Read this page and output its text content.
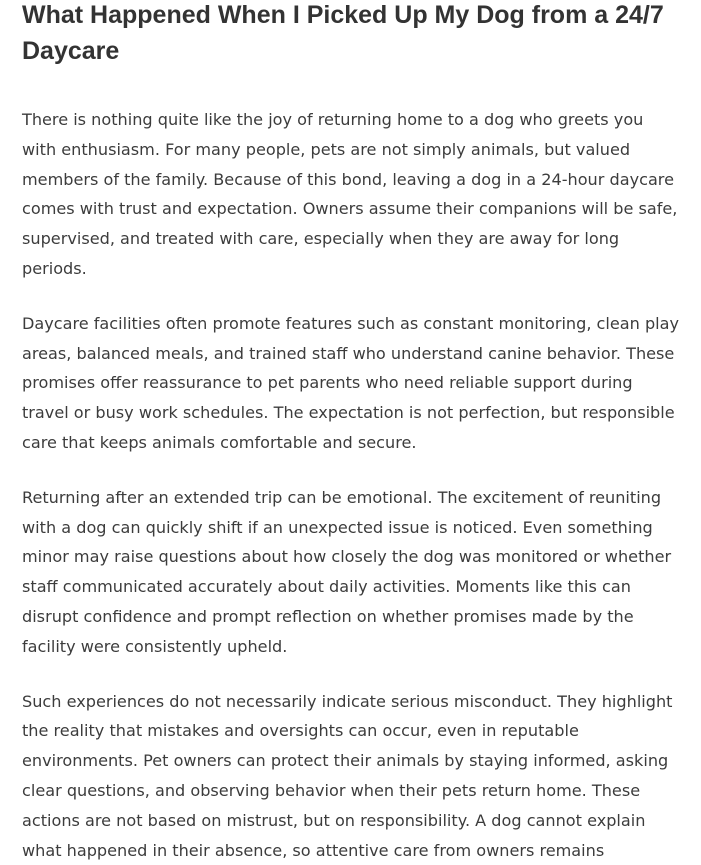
What Happened When I Picked Up My Dog from a 24/7 Daycare

There is nothing quite like the joy of returning home to a dog who greets you with enthusiasm. For many people, pets are not simply animals, but valued members of the family. Because of this bond, leaving a dog in a 24-hour daycare comes with trust and expectation. Owners assume their companions will be safe, supervised, and treated with care, especially when they are away for long periods.

Daycare facilities often promote features such as constant monitoring, clean play areas, balanced meals, and trained staff who understand canine behavior. These promises offer reassurance to pet parents who need reliable support during travel or busy work schedules. The expectation is not perfection, but responsible care that keeps animals comfortable and secure.

Returning after an extended trip can be emotional. The excitement of reuniting with a dog can quickly shift if an unexpected issue is noticed. Even something minor may raise questions about how closely the dog was monitored or whether staff communicated accurately about daily activities. Moments like this can disrupt confidence and prompt reflection on whether promises made by the facility were consistently upheld.

Such experiences do not necessarily indicate serious misconduct. They highlight the reality that mistakes and oversights can occur, even in reputable environments. Pet owners can protect their animals by staying informed, asking clear questions, and observing behavior when their pets return home. These actions are not based on mistrust, but on responsibility. A dog cannot explain what happened in their absence, so attentive care from owners remains
